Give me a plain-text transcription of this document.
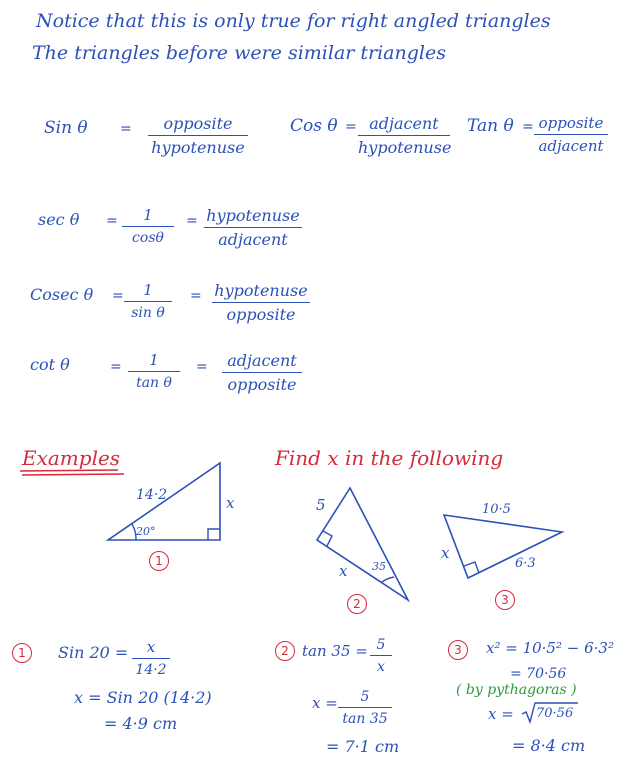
Notice that this is only true for right angled triangles
The triangles before were similar triangles
Sin θ =	opposite
hypotenuse
Cos θ = adjacent
hypotenuse
Tan θ = opposite
adjacent
sec θ =	1
cosθ
= hypotenuse
adjacent
Cosec θ =	1
sin θ
= hypotenuse
opposite
cot θ	=	1
tan θ
=	adjacent
opposite
Examples	Find x in the following
14·2	x
20°
1
5
x 35
2
10·5
x
6·3
3
1	Sin 20 =	x
14·2
x = Sin 20 (14·2)
= 4·9 cm
2 tan 35 = 5
x
x =	5
tan 35
= 7·1 cm
3	x² = 10·5² − 6·3²
= 70·56
( by pythagoras )
x = 70·56
= 8·4 cm
